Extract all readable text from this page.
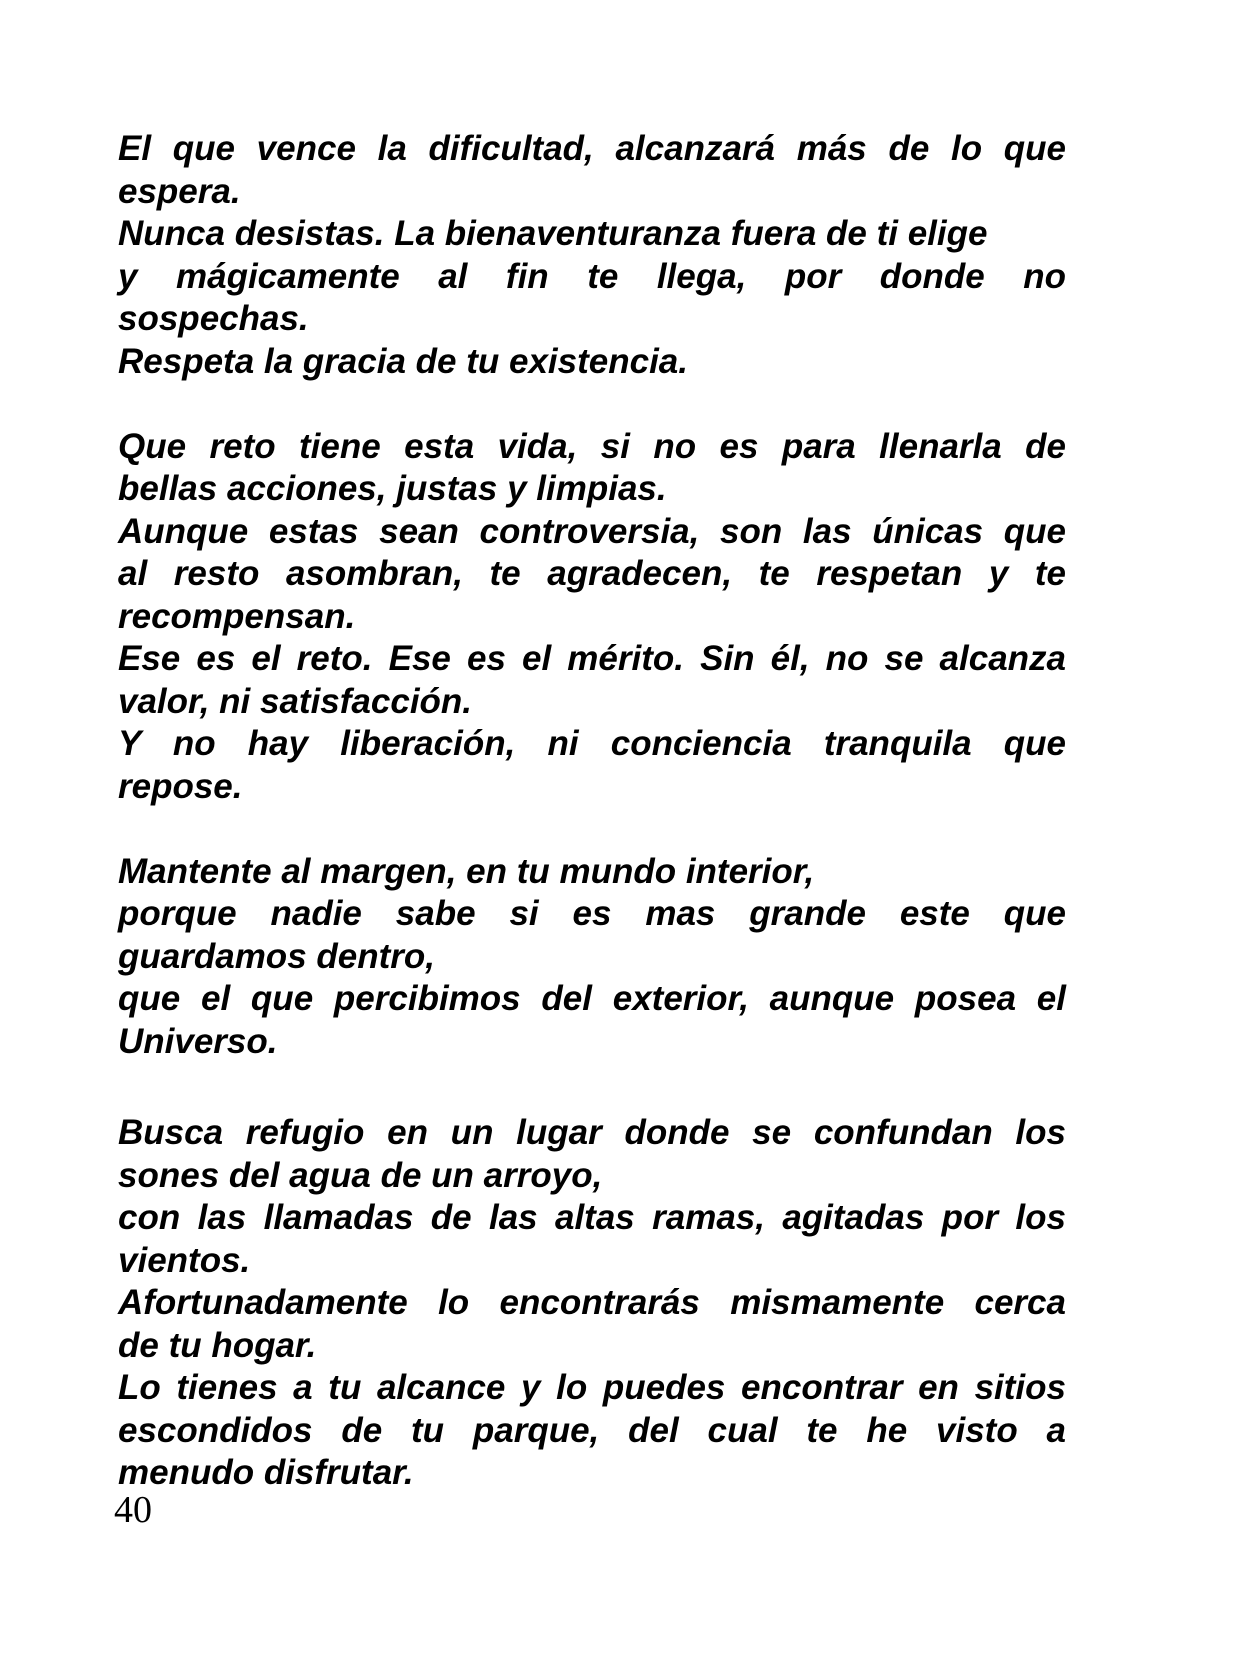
El que vence la dificultad, alcanzará más de lo que
espera.
Nunca desistas. La bienaventuranza fuera de ti elige
y mágicamente al fin te llega, por donde no
sospechas.
Respeta la gracia de tu existencia.
Que reto tiene esta vida, si no es para llenarla de
bellas acciones, justas y limpias.
Aunque estas sean controversia, son las únicas que
al resto asombran, te agradecen, te respetan y te
recompensan.
Ese es el reto. Ese es el mérito. Sin él, no se alcanza
valor, ni satisfacción.
Y no hay liberación, ni conciencia tranquila que
repose.
Mantente al margen, en tu mundo interior,
porque nadie sabe si es mas grande este que
guardamos dentro,
que el que percibimos del exterior, aunque posea el
Universo.
Busca refugio en un lugar donde se confundan los
sones del agua de un arroyo,
con las llamadas de las altas ramas, agitadas por los
vientos.
Afortunadamente lo encontrarás mismamente cerca
de tu hogar.
Lo tienes a tu alcance y lo puedes encontrar en sitios
escondidos de tu parque, del cual te he visto a
menudo disfrutar.
40
